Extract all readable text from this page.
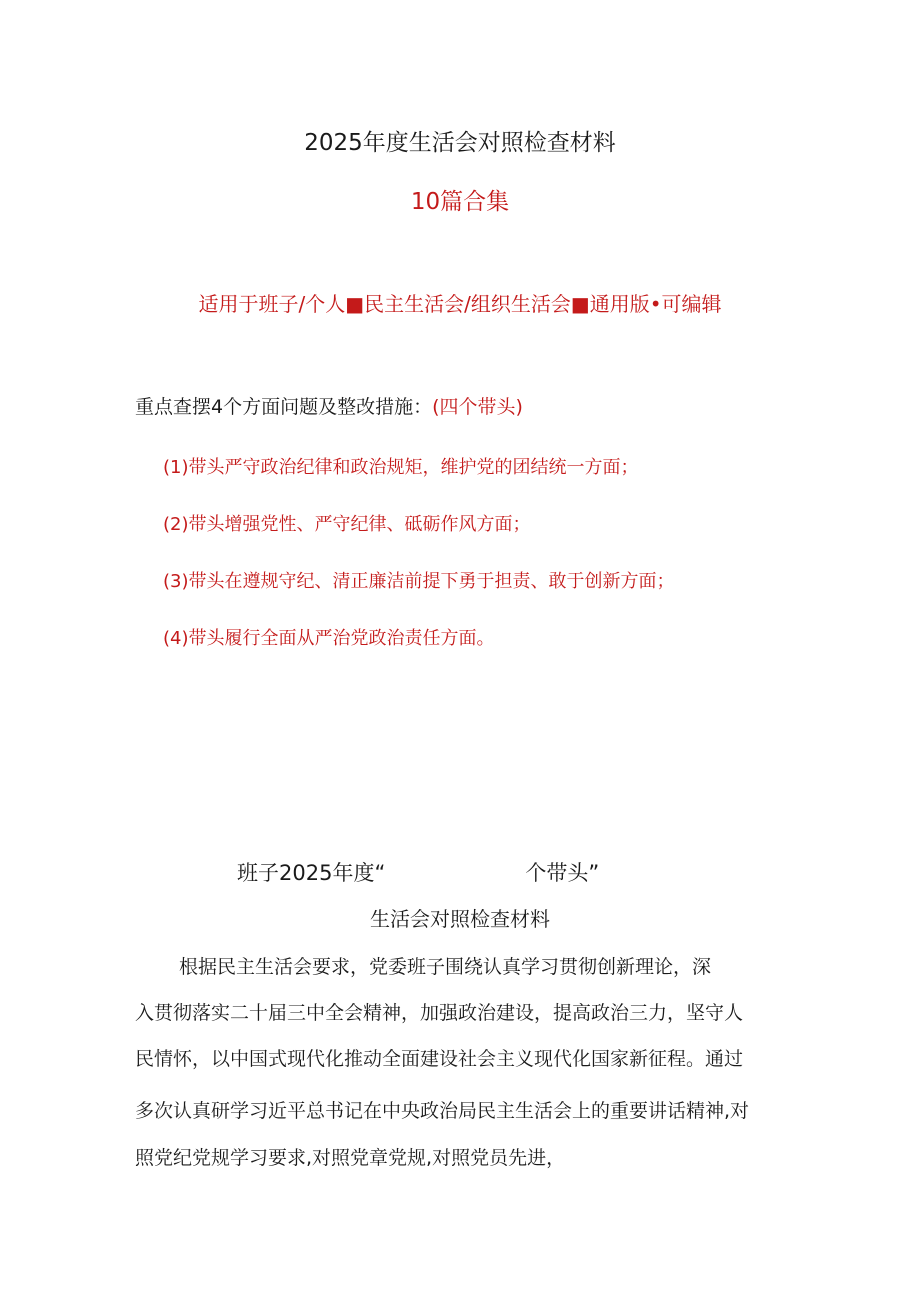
2025年度生活会对照检查材料
10篇合集
适用于班子/个人■民主生活会/组织生活会■通用版•可编辑
重点查摆4个方面问题及整改措施：(四个带头)
(1)带头严守政治纪律和政治规矩，维护党的团结统一方面；
(2)带头增强党性、严守纪律、砥砺作风方面；
(3)带头在遵规守纪、清正廉洁前提下勇于担责、敢于创新方面；
(4)带头履行全面从严治党政治责任方面。
班子2025年度“	个带头”
生活会对照检查材料
根据民主生活会要求，党委班子围绕认真学习贯彻创新理论，深
入贯彻落实二十届三中全会精神，加强政治建设，提高政治三力，坚守人
民情怀，以中国式现代化推动全面建设社会主义现代化国家新征程。通过
多次认真研学习近平总书记在中央政治局民主生活会上的重要讲话精神,对
照党纪党规学习要求,对照党章党规,对照党员先进，
